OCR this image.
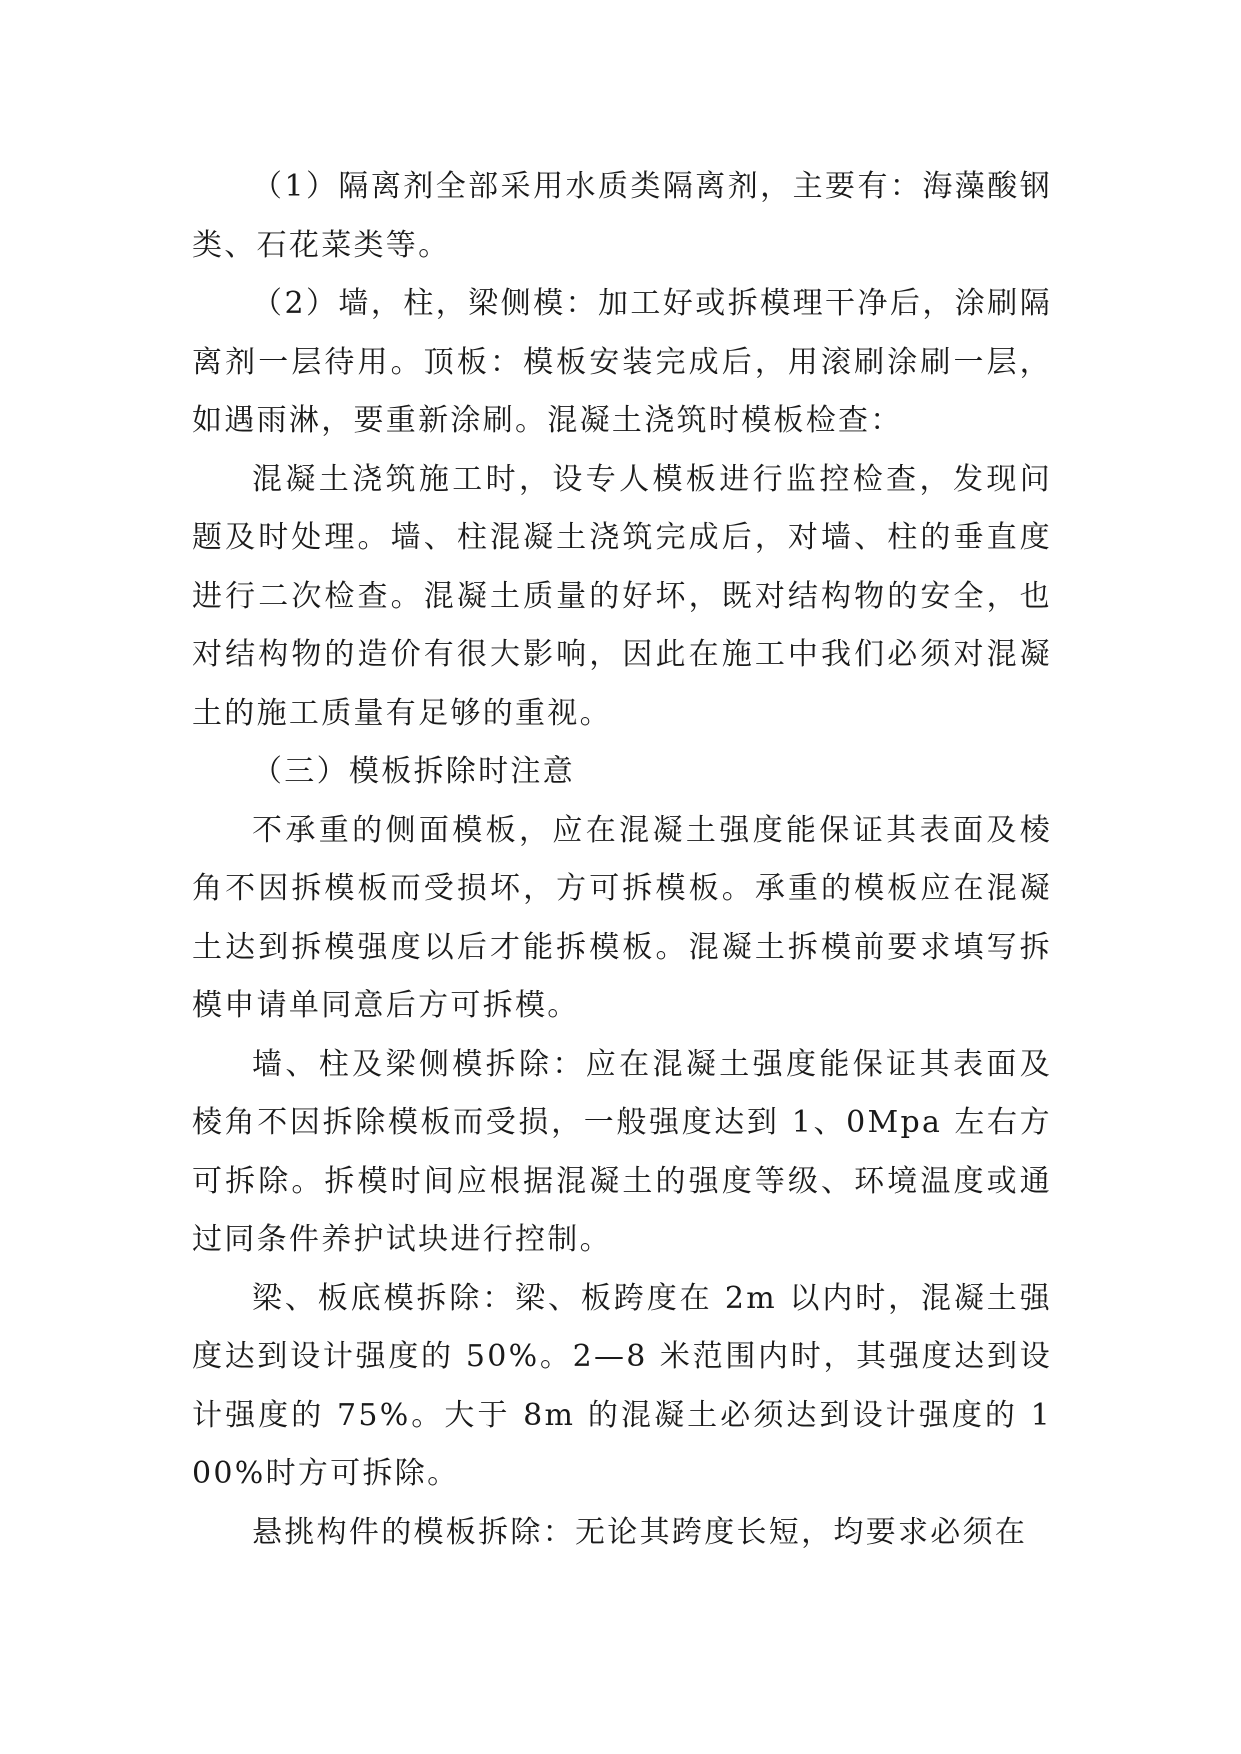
（1）隔离剂全部采用水质类隔离剂，主要有：海藻酸钢类、石花菜类等。

（2）墙，柱，梁侧模：加工好或拆模理干净后，涂刷隔离剂一层待用。顶板：模板安装完成后，用滚刷涂刷一层，如遇雨淋，要重新涂刷。混凝土浇筑时模板检查：

混凝土浇筑施工时，设专人模板进行监控检查，发现问题及时处理。墙、柱混凝土浇筑完成后，对墙、柱的垂直度进行二次检查。混凝土质量的好坏，既对结构物的安全，也对结构物的造价有很大影响，因此在施工中我们必须对混凝土的施工质量有足够的重视。

（三）模板拆除时注意

不承重的侧面模板，应在混凝土强度能保证其表面及棱角不因拆模板而受损坏，方可拆模板。承重的模板应在混凝土达到拆模强度以后才能拆模板。混凝土拆模前要求填写拆模申请单同意后方可拆模。

墙、柱及梁侧模拆除：应在混凝土强度能保证其表面及棱角不因拆除模板而受损，一般强度达到 1、0Mpa 左右方可拆除。拆模时间应根据混凝土的强度等级、环境温度或通过同条件养护试块进行控制。

梁、板底模拆除：梁、板跨度在 2m 以内时，混凝土强度达到设计强度的 50%。2—8 米范围内时，其强度达到设计强度的 75%。大于 8m 的混凝土必须达到设计强度的 100%时方可拆除。

悬挑构件的模板拆除：无论其跨度长短，均要求必须在
